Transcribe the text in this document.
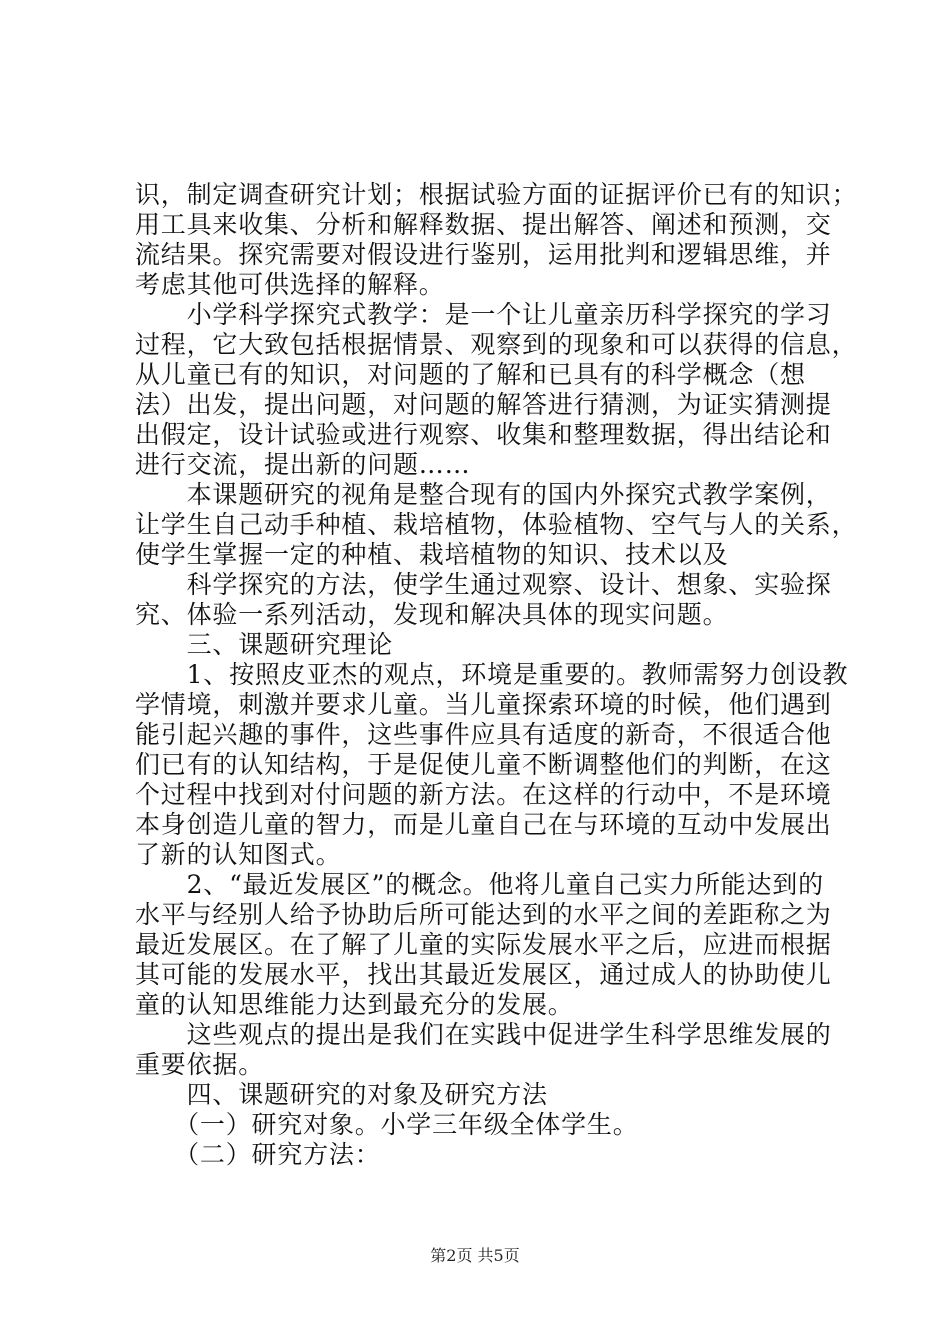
识，制定调查研究计划；根据试验方面的证据评价已有的知识；
用工具来收集、分析和解释数据、提出解答、阐述和预测，交
流结果。探究需要对假设进行鉴别，运用批判和逻辑思维，并
考虑其他可供选择的解释。
　　小学科学探究式教学：是一个让儿童亲历科学探究的学习
过程，它大致包括根据情景、观察到的现象和可以获得的信息，
从儿童已有的知识，对问题的了解和已具有的科学概念（想
法）出发，提出问题，对问题的解答进行猜测，为证实猜测提
出假定，设计试验或进行观察、收集和整理数据，得出结论和
进行交流，提出新的问题……
　　本课题研究的视角是整合现有的国内外探究式教学案例，
让学生自己动手种植、栽培植物，体验植物、空气与人的关系，
使学生掌握一定的种植、栽培植物的知识、技术以及
　　科学探究的方法，使学生通过观察、设计、想象、实验探
究、体验一系列活动，发现和解决具体的现实问题。
　　三、课题研究理论
　　1、按照皮亚杰的观点，环境是重要的。教师需努力创设教
学情境，刺激并要求儿童。当儿童探索环境的时候，他们遇到
能引起兴趣的事件，这些事件应具有适度的新奇，不很适合他
们已有的认知结构，于是促使儿童不断调整他们的判断，在这
个过程中找到对付问题的新方法。在这样的行动中，不是环境
本身创造儿童的智力，而是儿童自己在与环境的互动中发展出
了新的认知图式。
　　2、“最近发展区”的概念。他将儿童自己实力所能达到的
水平与经别人给予协助后所可能达到的水平之间的差距称之为
最近发展区。在了解了儿童的实际发展水平之后，应进而根据
其可能的发展水平，找出其最近发展区，通过成人的协助使儿
童的认知思维能力达到最充分的发展。
　　这些观点的提出是我们在实践中促进学生科学思维发展的
重要依据。
　　四、课题研究的对象及研究方法
　　（一）研究对象。小学三年级全体学生。
　　（二）研究方法：
第2页 共5页
